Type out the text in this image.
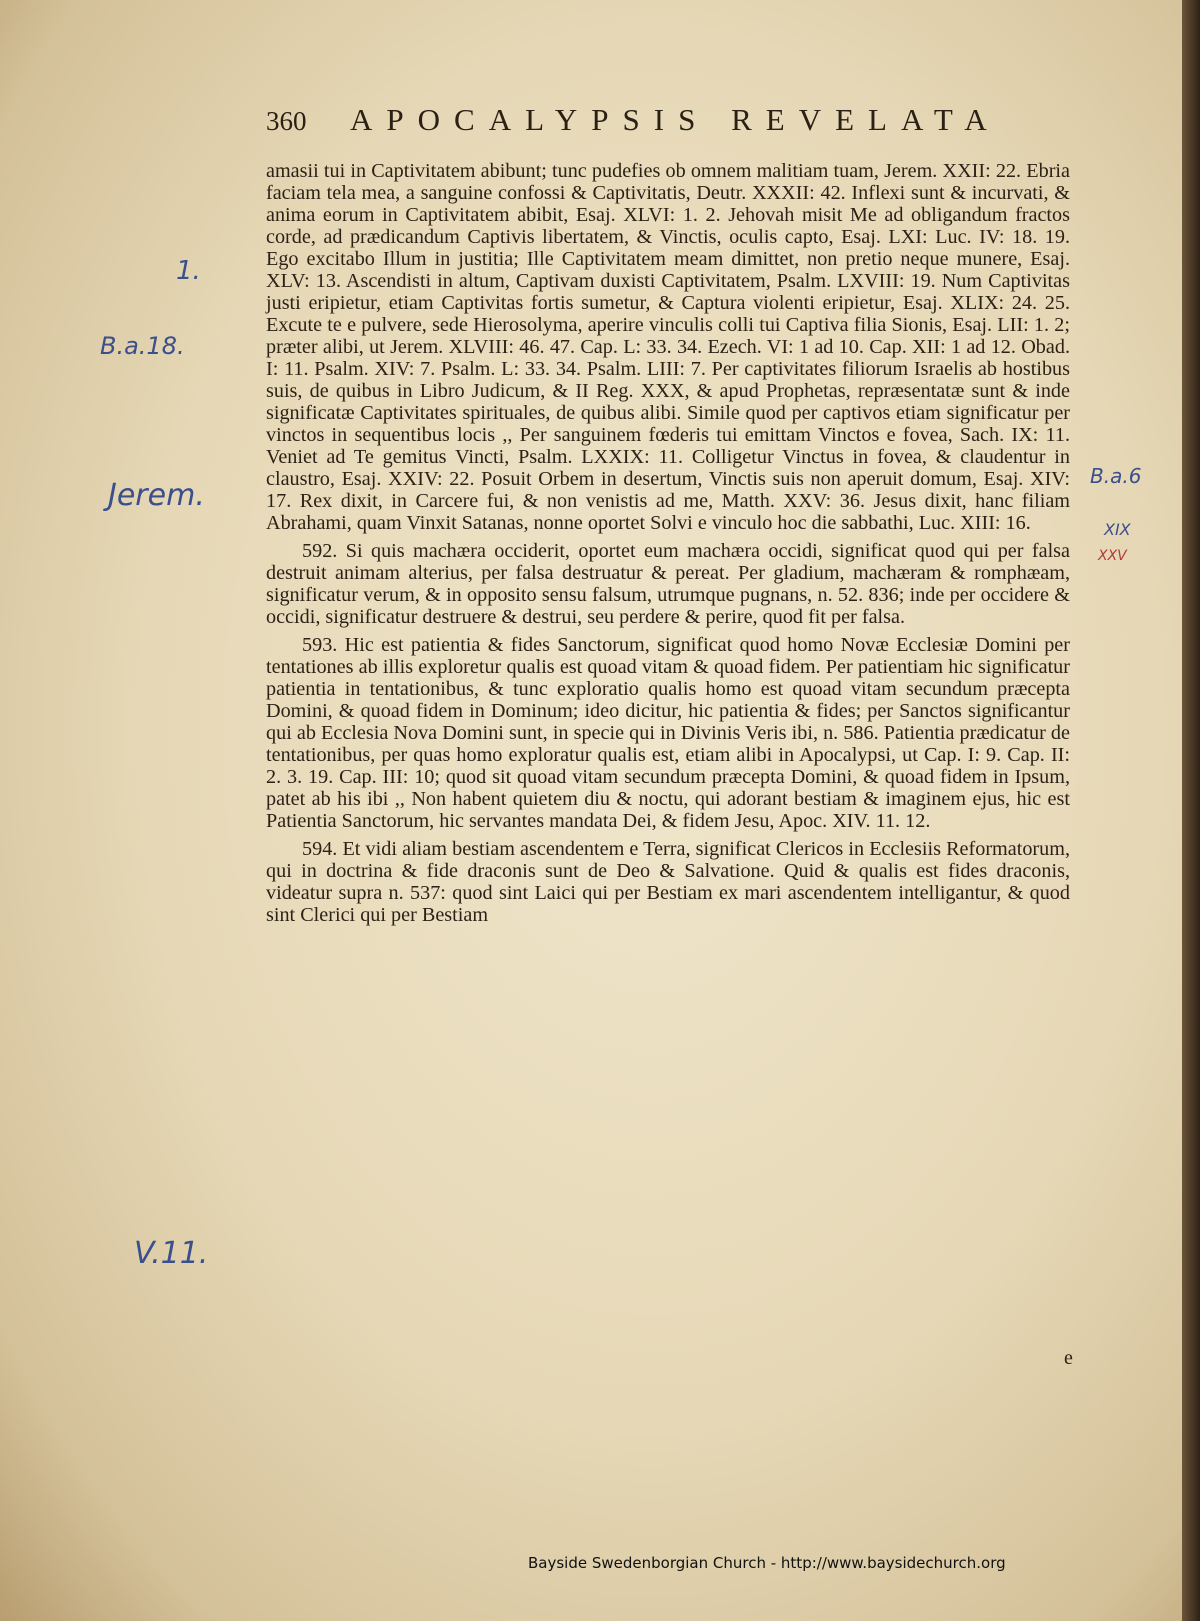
360 APOCALYPSIS REVELATA

amasii tui in Captivitatem abibunt; tunc pudefies ob omnem malitiam tuam, Jerem. XXII: 22. Ebria faciam tela mea, a sanguine confossi & Captivitatis, Deutr. XXXII: 42. Inflexi sunt & incurvati, & anima eorum in Captivitatem abibit, Esaj. XLVI: 1. 2. Jehovah misit Me ad obligandum fractos corde, ad prædicandum Captivis libertatem, & Vinctis, oculis capto, Esaj. LXI: Luc. IV: 18. 19. Ego excitabo Illum in justitia; Ille Captivitatem meam dimittet, non pretio neque munere, Esaj. XLV: 13. Ascendisti in altum, Captivam duxisti Captivitatem, Psalm. LXVIII: 19. Num Captivitas justi eripietur, etiam Captivitas fortis sumetur, & Captura violenti eripietur, Esaj. XLIX: 24. 25. Excute te e pulvere, sede Hierosolyma, aperire vinculis colli tui Captiva filia Sionis, Esaj. LII: 1. 2; præter alibi, ut Jerem. XLVIII: 46. 47. Cap. L: 33. 34. Ezech. VI: 1 ad 10. Cap. XII: 1 ad 12. Obad. I: 11. Psalm. XIV: 7. Psalm. L: 33. 34. Psalm. LIII: 7. Per captivitates filiorum Israelis ab hostibus suis, de quibus in Libro Judicum, & II Reg. XXX, & apud Prophetas, repræsentatæ sunt & inde significatæ Captivitates spirituales, de quibus alibi. Simile quod per captivos etiam significatur per vinctos in sequentibus locis ,, Per sanguinem fœderis tui emittam Vinctos e fovea, Sach. IX: 11. Veniet ad Te gemitus Vincti, Psalm. LXXIX: 11. Colligetur Vinctus in fovea, & claudentur in claustro, Esaj. XXIV: 22. Posuit Orbem in desertum, Vinctis suis non aperuit domum, Esaj. XIV: 17. Rex dixit, in Carcere fui, & non venistis ad me, Matth. XXV: 36. Jesus dixit, hanc filiam Abrahami, quam Vinxit Satanas, nonne oportet Solvi e vinculo hoc die sabbathi, Luc. XIII: 16.

592. Si quis machæra occiderit, oportet eum machæra occidi, significat quod qui per falsa destruit animam alterius, per falsa destruatur & pereat. Per gladium, machæram & romphæam, significatur verum, & in opposito sensu falsum, utrumque pugnans, n. 52. 836; inde per occidere & occidi, significatur destruere & destrui, seu perdere & perire, quod fit per falsa.

593. Hic est patientia & fides Sanctorum, significat quod homo Novæ Ecclesiæ Domini per tentationes ab illis exploretur qualis est quoad vitam & quoad fidem. Per patientiam hic significatur patientia in tentationibus, & tunc exploratio qualis homo est quoad vitam secundum præcepta Domini, & quoad fidem in Dominum; ideo dicitur, hic patientia & fides; per Sanctos significantur qui ab Ecclesia Nova Domini sunt, in specie qui in Divinis Veris ibi, n. 586. Patientia prædicatur de tentationibus, per quas homo exploratur qualis est, etiam alibi in Apocalypsi, ut Cap. I: 9. Cap. II: 2. 3. 19. Cap. III: 10; quod sit quoad vitam secundum præcepta Domini, & quoad fidem in Ipsum, patet ab his ibi ,, Non habent quietem diu & noctu, qui adorant bestiam & imaginem ejus, hic est Patientia Sanctorum, hic servantes mandata Dei, & fidem Jesu, Apoc. XIV. 11. 12.

594. Et vidi aliam bestiam ascendentem e Terra, significat Clericos in Ecclesiis Reformatorum, qui in doctrina & fide draconis sunt de Deo & Salvatione. Quid & qualis est fides draconis, videatur supra n. 537: quod sint Laici qui per Bestiam ex mari ascendentem intelligantur, & quod sint Clerici qui per Bestiam

e
1.
B.a.18.
Jerem.
B.a.6
XIX
XXV
V.11.
Bayside Swedenborgian Church - http://www.baysidechurch.org
